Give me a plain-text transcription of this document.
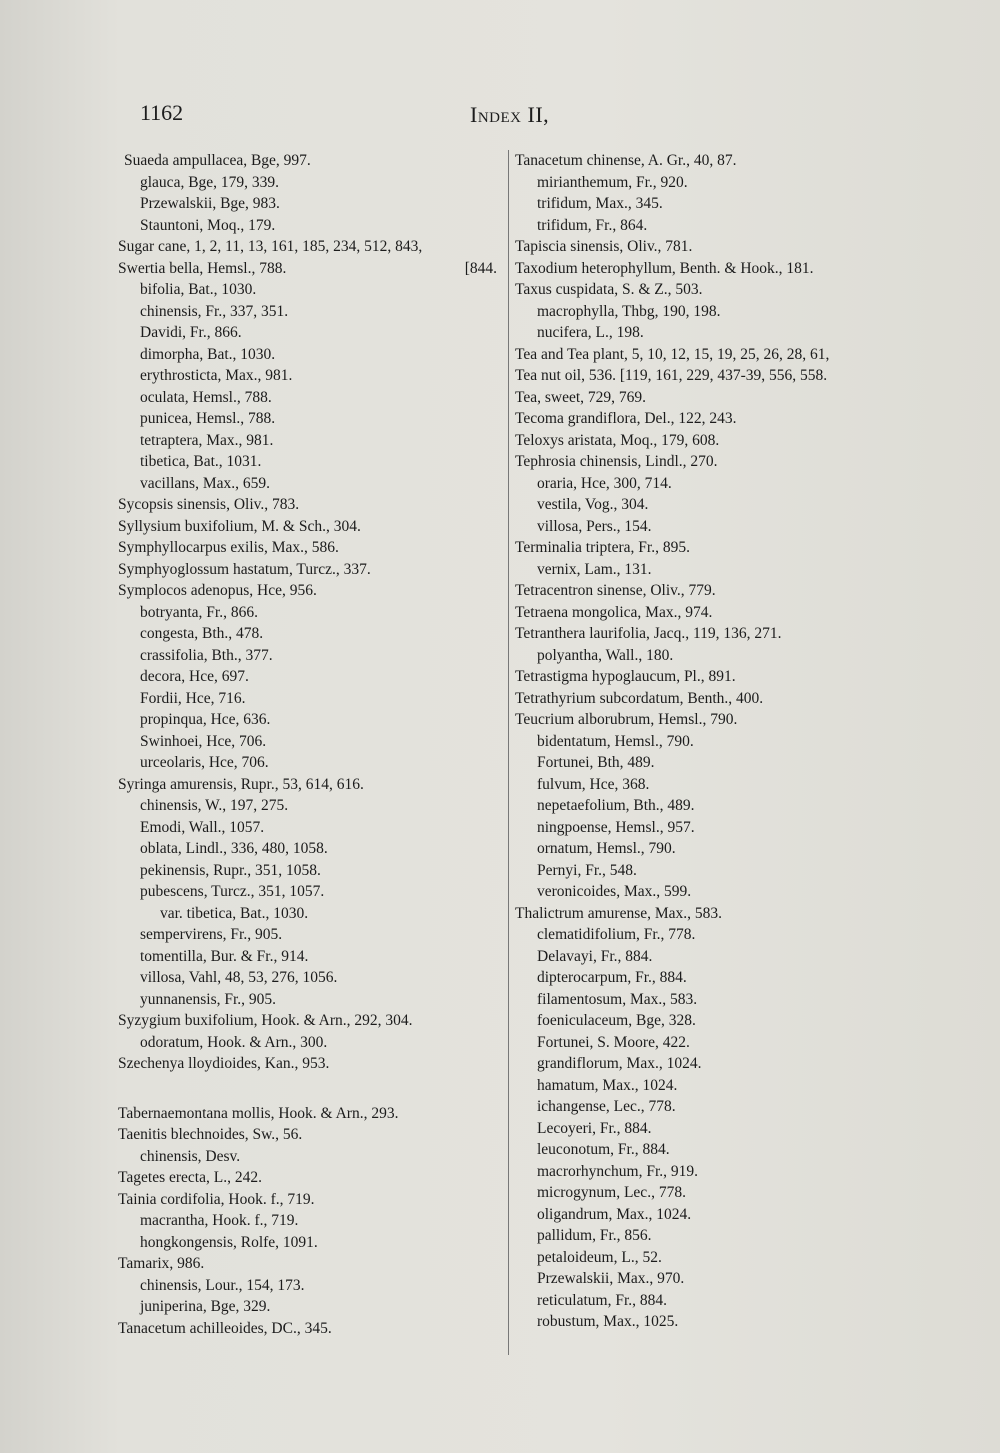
1162	Index II,
Suaeda ampullacea, Bge, 997.
glauca, Bge, 179, 339.
Przewalskii, Bge, 983.
Stauntoni, Moq., 179.
Sugar cane, 1, 2, 11, 13, 161, 185, 234, 512, 843,
Swertia bella, Hemsl., 788.	[844.
bifolia, Bat., 1030.
chinensis, Fr., 337, 351.
Davidi, Fr., 866.
dimorpha, Bat., 1030.
erythrosticta, Max., 981.
oculata, Hemsl., 788.
punicea, Hemsl., 788.
tetraptera, Max., 981.
tibetica, Bat., 1031.
vacillans, Max., 659.
Sycopsis sinensis, Oliv., 783.
Syllysium buxifolium, M. & Sch., 304.
Symphyllocarpus exilis, Max., 586.
Symphyoglossum hastatum, Turcz., 337.
Symplocos adenopus, Hce, 956.
botryanta, Fr., 866.
congesta, Bth., 478.
crassifolia, Bth., 377.
decora, Hce, 697.
Fordii, Hce, 716.
propinqua, Hce, 636.
Swinhoei, Hce, 706.
urceolaris, Hce, 706.
Syringa amurensis, Rupr., 53, 614, 616.
chinensis, W., 197, 275.
Emodi, Wall., 1057.
oblata, Lindl., 336, 480, 1058.
pekinensis, Rupr., 351, 1058.
pubescens, Turcz., 351, 1057.
var. tibetica, Bat., 1030.
sempervirens, Fr., 905.
tomentilla, Bur. & Fr., 914.
villosa, Vahl, 48, 53, 276, 1056.
yunnanensis, Fr., 905.
Syzygium buxifolium, Hook. & Arn., 292, 304.
odoratum, Hook. & Arn., 300.
Szechenya lloydioides, Kan., 953.
Tabernaemontana mollis, Hook. & Arn., 293.
Taenitis blechnoides, Sw., 56.
chinensis, Desv.
Tagetes erecta, L., 242.
Tainia cordifolia, Hook. f., 719.
macrantha, Hook. f., 719.
hongkongensis, Rolfe, 1091.
Tamarix, 986.
chinensis, Lour., 154, 173.
juniperina, Bge, 329.
Tanacetum achilleoides, DC., 345.
Tanacetum chinense, A. Gr., 40, 87.
mirianthemum, Fr., 920.
trifidum, Max., 345.
trifidum, Fr., 864.
Tapiscia sinensis, Oliv., 781.
Taxodium heterophyllum, Benth. & Hook., 181.
Taxus cuspidata, S. & Z., 503.
macrophylla, Thbg, 190, 198.
nucifera, L., 198.
Tea and Tea plant, 5, 10, 12, 15, 19, 25, 26, 28, 61,
Tea nut oil, 536. [119, 161, 229, 437-39, 556, 558.
Tea, sweet, 729, 769.
Tecoma grandiflora, Del., 122, 243.
Teloxys aristata, Moq., 179, 608.
Tephrosia chinensis, Lindl., 270.
oraria, Hce, 300, 714.
vestila, Vog., 304.
villosa, Pers., 154.
Terminalia triptera, Fr., 895.
vernix, Lam., 131.
Tetracentron sinense, Oliv., 779.
Tetraena mongolica, Max., 974.
Tetranthera laurifolia, Jacq., 119, 136, 271.
polyantha, Wall., 180.
Tetrastigma hypoglaucum, Pl., 891.
Tetrathyrium subcordatum, Benth., 400.
Teucrium alborubrum, Hemsl., 790.
bidentatum, Hemsl., 790.
Fortunei, Bth, 489.
fulvum, Hce, 368.
nepetaefolium, Bth., 489.
ningpoense, Hemsl., 957.
ornatum, Hemsl., 790.
Pernyi, Fr., 548.
veronicoides, Max., 599.
Thalictrum amurense, Max., 583.
clematidifolium, Fr., 778.
Delavayi, Fr., 884.
dipterocarpum, Fr., 884.
filamentosum, Max., 583.
foeniculaceum, Bge, 328.
Fortunei, S. Moore, 422.
grandiflorum, Max., 1024.
hamatum, Max., 1024.
ichangense, Lec., 778.
Lecoyeri, Fr., 884.
leuconotum, Fr., 884.
macrorhynchum, Fr., 919.
microgynum, Lec., 778.
oligandrum, Max., 1024.
pallidum, Fr., 856.
petaloideum, L., 52.
Przewalskii, Max., 970.
reticulatum, Fr., 884.
robustum, Max., 1025.
